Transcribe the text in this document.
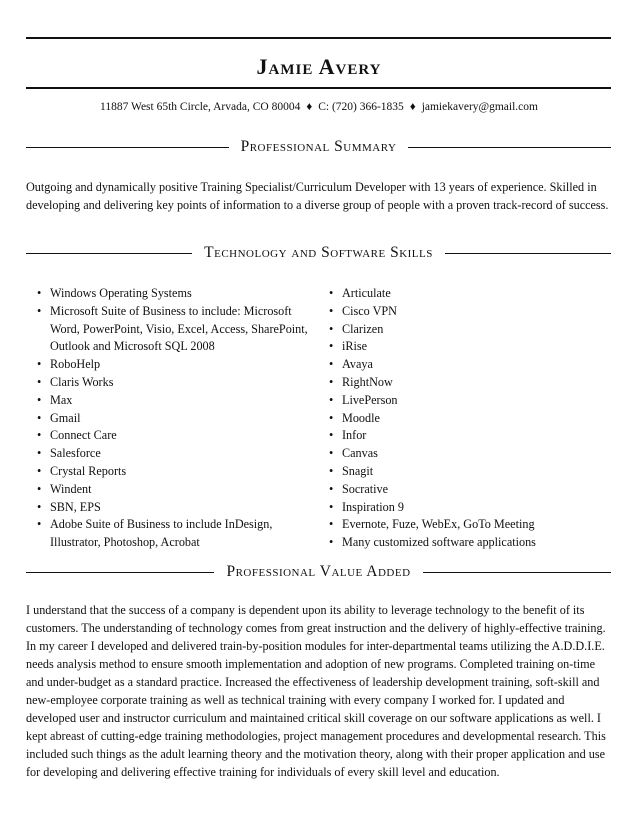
Jamie Avery
11887 West 65th Circle, Arvada, CO 80004 ♦ C: (720) 366-1835 ♦ jamiekavery@gmail.com
Professional Summary
Outgoing and dynamically positive Training Specialist/Curriculum Developer with 13 years of experience. Skilled in developing and delivering key points of information to a diverse group of people with a proven track-record of success.
Technology and Software Skills
• Windows Operating Systems
• Microsoft Suite of Business to include: Microsoft Word, PowerPoint, Visio, Excel, Access, SharePoint, Outlook and Microsoft SQL 2008
• RoboHelp
• Claris Works
• Max
• Gmail
• Connect Care
• Salesforce
• Crystal Reports
• Windent
• SBN, EPS
• Adobe Suite of Business to include InDesign, Illustrator, Photoshop, Acrobat
• Articulate
• Cisco VPN
• Clarizen
• iRise
• Avaya
• RightNow
• LivePerson
• Moodle
• Infor
• Canvas
• Snagit
• Socrative
• Inspiration 9
• Evernote, Fuze, WebEx, GoTo Meeting
• Many customized software applications
Professional Value Added
I understand that the success of a company is dependent upon its ability to leverage technology to the benefit of its customers. The understanding of technology comes from great instruction and the delivery of highly-effective training. In my career I developed and delivered train-by-position modules for inter-departmental teams utilizing the A.D.D.I.E. needs analysis method to ensure smooth implementation and adoption of new programs. Completed training on-time and under-budget as a standard practice. Increased the effectiveness of leadership development training, soft-skill and new-employee corporate training as well as technical training with every company I worked for. I updated and developed user and instructor curriculum and maintained critical skill coverage on our software applications as well. I kept abreast of cutting-edge training methodologies, project management procedures and developmental research. This included such things as the adult learning theory and the motivation theory, along with their proper application and use for developing and delivering effective training for individuals of every skill level and education.
